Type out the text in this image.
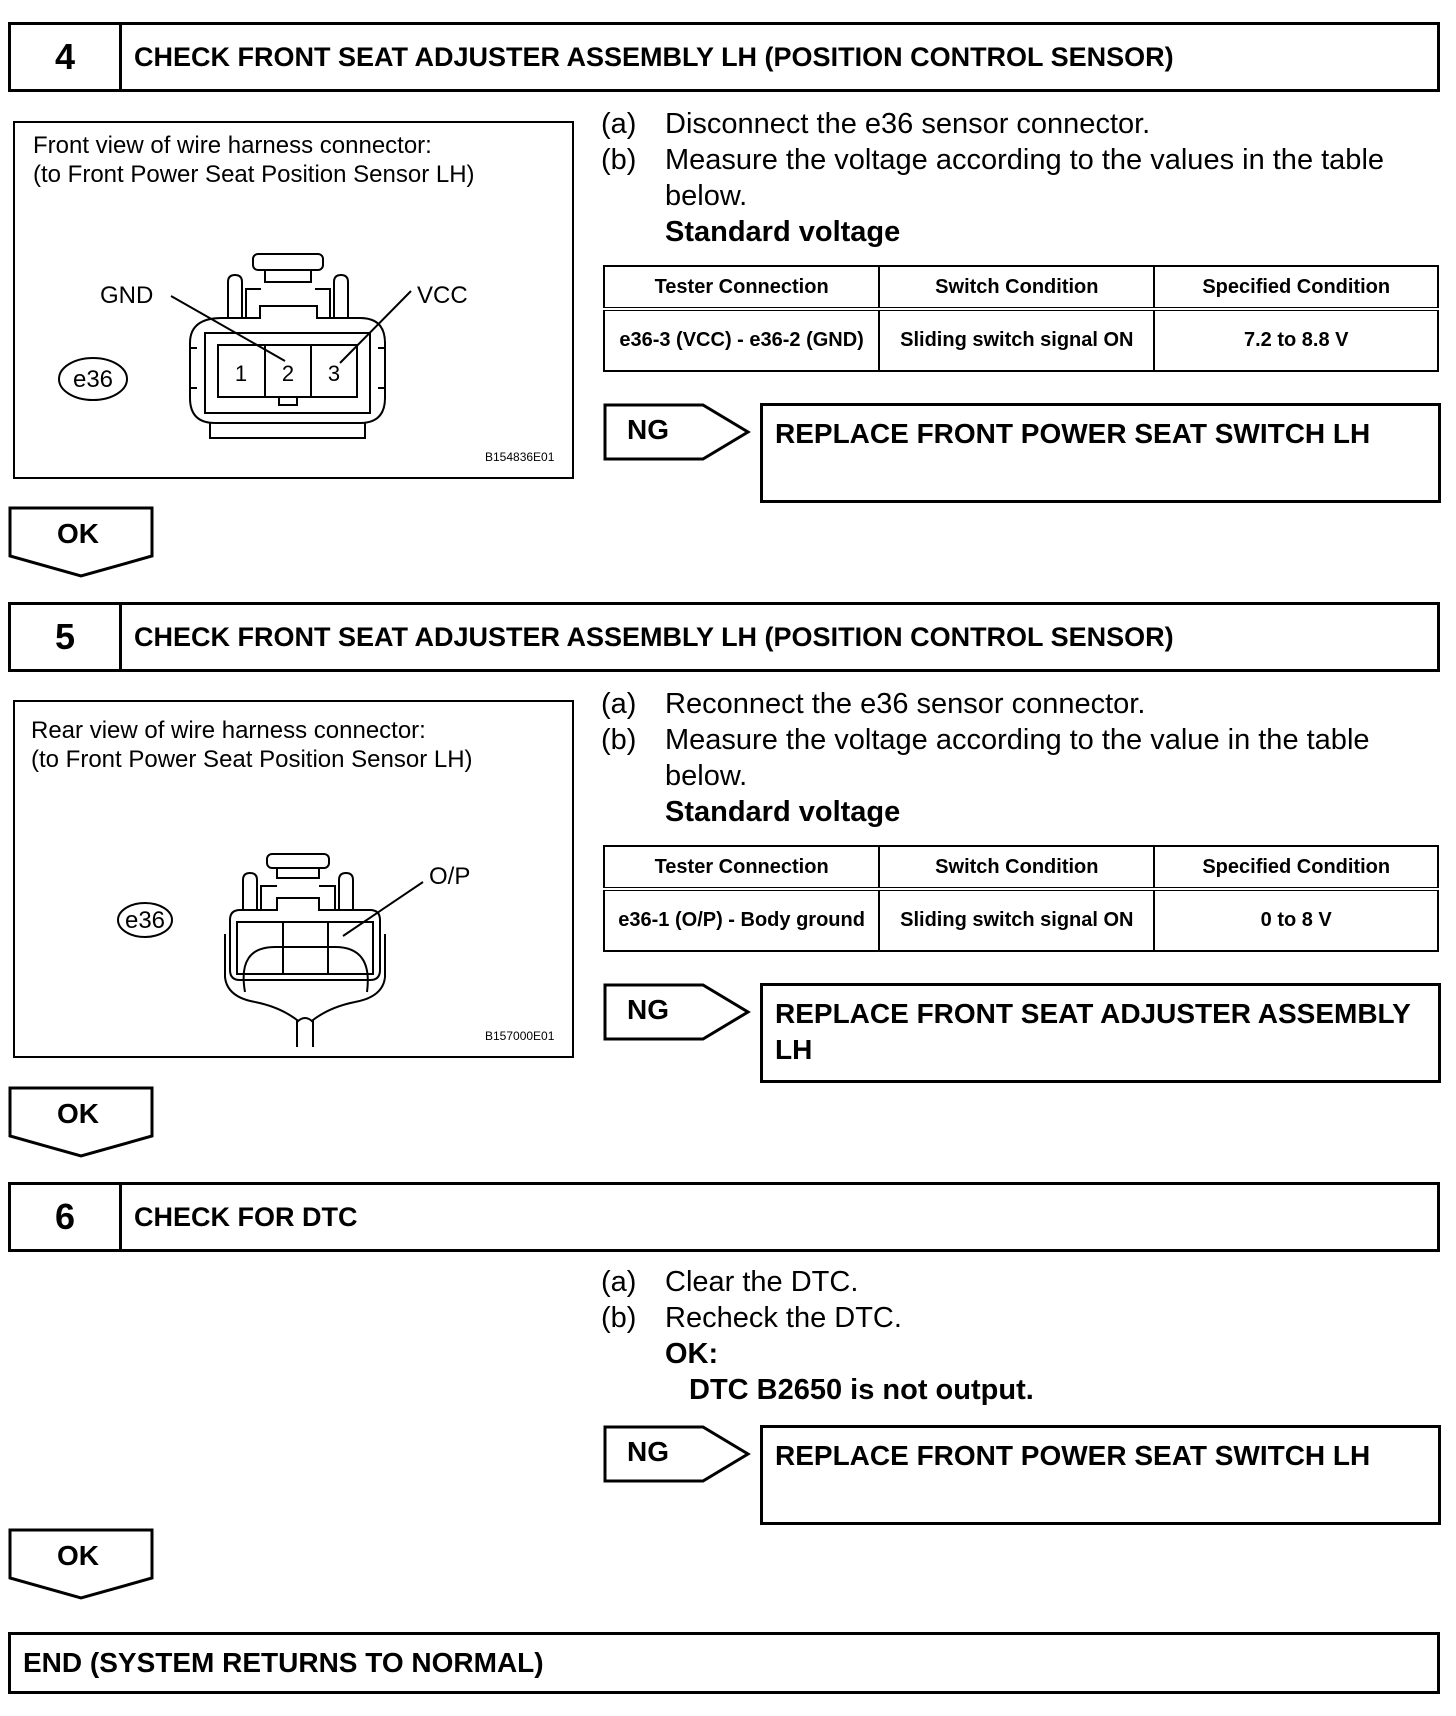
4	CHECK FRONT SEAT ADJUSTER ASSEMBLY LH (POSITION CONTROL SENSOR)
Front view of wire harness connector:
(to Front Power Seat Position Sensor LH)
1 2 3
GND	VCC
e36
B154836E01
(a) Disconnect the e36 sensor connector.
(b) Measure the voltage according to the values in the table below.
Standard voltage
Tester Connection	Switch Condition	Specified Condition
e36-3 (VCC) - e36-2 (GND)	Sliding switch signal ON	7.2 to 8.8 V
NG	REPLACE FRONT POWER SEAT SWITCH LH
OK
5	CHECK FRONT SEAT ADJUSTER ASSEMBLY LH (POSITION CONTROL SENSOR)
Rear view of wire harness connector:
(to Front Power Seat Position Sensor LH)
O/P
e36
B157000E01
(a) Reconnect the e36 sensor connector.
(b) Measure the voltage according to the value in the table below.
Standard voltage
Tester Connection	Switch Condition	Specified Condition
e36-1 (O/P) - Body ground	Sliding switch signal ON	0 to 8 V
NG	REPLACE FRONT SEAT ADJUSTER ASSEMBLY LH
OK
6	CHECK FOR DTC
(a) Clear the DTC.
(b) Recheck the DTC.
OK:
DTC B2650 is not output.
NG	REPLACE FRONT POWER SEAT SWITCH LH
OK
END (SYSTEM RETURNS TO NORMAL)
